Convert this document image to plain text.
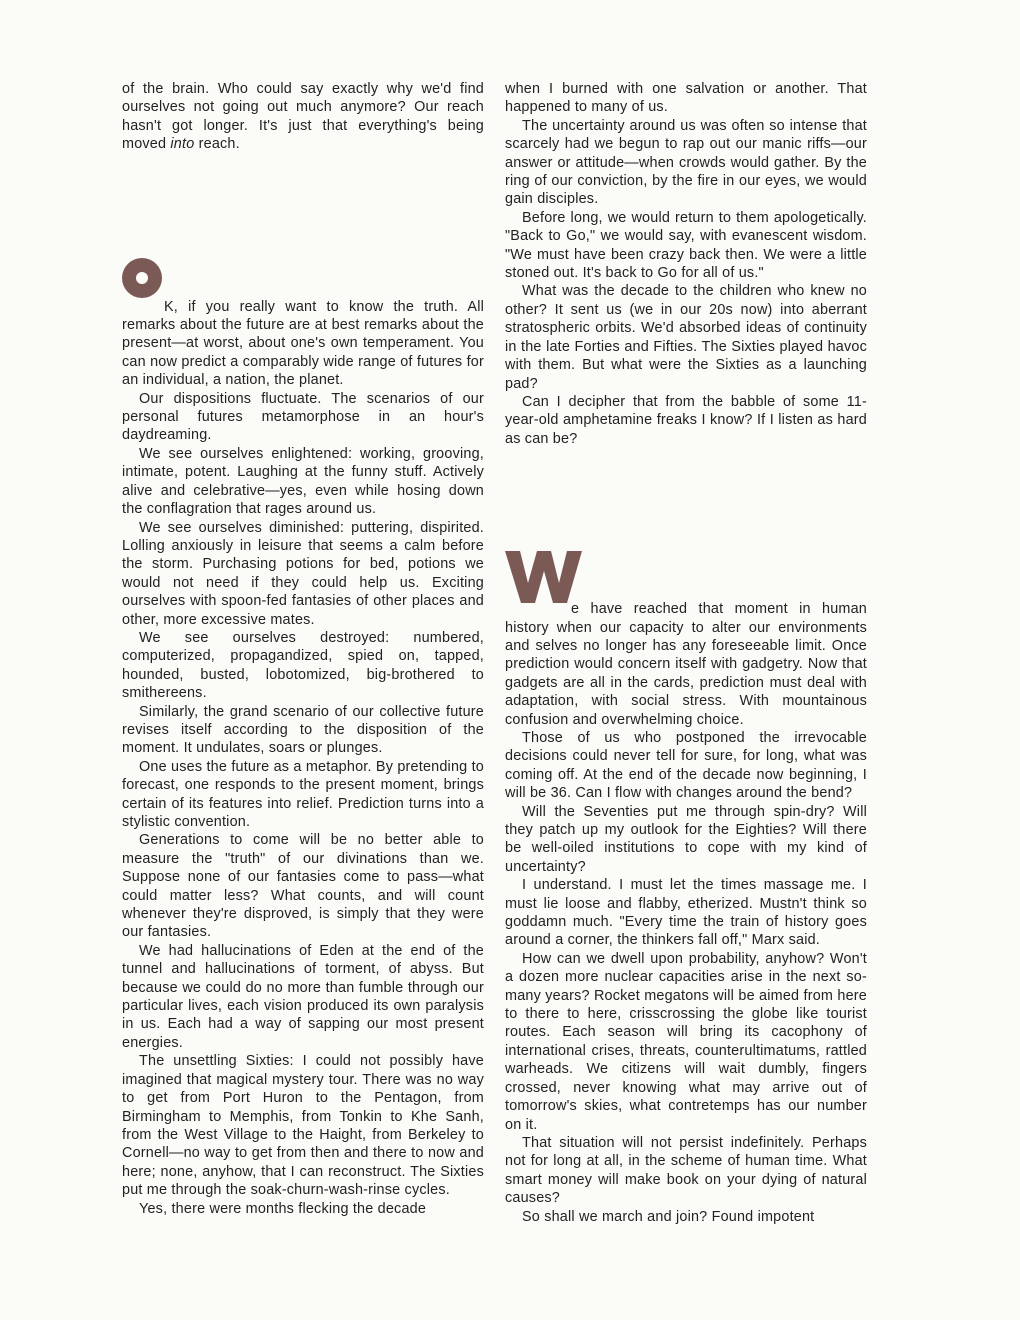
of the brain. Who could say exactly why we'd find ourselves not going out much anymore? Our reach hasn't got longer. It's just that everything's being moved into reach.

K, if you really want to know the truth. All remarks about the future are at best remarks about the present—at worst, about one's own temperament. You can now predict a comparably wide range of futures for an individual, a nation, the planet.

Our dispositions fluctuate. The scenarios of our personal futures metamorphose in an hour's daydreaming.

We see ourselves enlightened: working, grooving, intimate, potent. Laughing at the funny stuff. Actively alive and celebrative—yes, even while hosing down the conflagration that rages around us.

We see ourselves diminished: puttering, dispirited. Lolling anxiously in leisure that seems a calm before the storm. Purchasing potions for bed, potions we would not need if they could help us. Exciting ourselves with spoon-fed fantasies of other places and other, more excessive mates.

We see ourselves destroyed: numbered, computerized, propagandized, spied on, tapped, hounded, busted, lobotomized, big-brothered to smithereens.

Similarly, the grand scenario of our collective future revises itself according to the disposition of the moment. It undulates, soars or plunges.

One uses the future as a metaphor. By pretending to forecast, one responds to the present moment, brings certain of its features into relief. Prediction turns into a stylistic convention.

Generations to come will be no better able to measure the "truth" of our divinations than we. Suppose none of our fantasies come to pass—what could matter less? What counts, and will count whenever they're disproved, is simply that they were our fantasies.

We had hallucinations of Eden at the end of the tunnel and hallucinations of torment, of abyss. But because we could do no more than fumble through our particular lives, each vision produced its own paralysis in us. Each had a way of sapping our most present energies.

The unsettling Sixties: I could not possibly have imagined that magical mystery tour. There was no way to get from Port Huron to the Pentagon, from Birmingham to Memphis, from Tonkin to Khe Sanh, from the West Village to the Haight, from Berkeley to Cornell—no way to get from then and there to now and here; none, anyhow, that I can reconstruct. The Sixties put me through the soak-churn-wash-rinse cycles.

Yes, there were months flecking the decade

when I burned with one salvation or another. That happened to many of us.

The uncertainty around us was often so intense that scarcely had we begun to rap out our manic riffs—our answer or attitude—when crowds would gather. By the ring of our conviction, by the fire in our eyes, we would gain disciples.

Before long, we would return to them apologetically. "Back to Go," we would say, with evanescent wisdom. "We must have been crazy back then. We were a little stoned out. It's back to Go for all of us."

What was the decade to the children who knew no other? It sent us (we in our 20s now) into aberrant stratospheric orbits. We'd absorbed ideas of continuity in the late Forties and Fifties. The Sixties played havoc with them. But what were the Sixties as a launching pad?

Can I decipher that from the babble of some 11-year-old amphetamine freaks I know? If I listen as hard as can be?

e have reached that moment in human history when our capacity to alter our environments and selves no longer has any foreseeable limit. Once prediction would concern itself with gadgetry. Now that gadgets are all in the cards, prediction must deal with adaptation, with social stress. With mountainous confusion and overwhelming choice.

Those of us who postponed the irrevocable decisions could never tell for sure, for long, what was coming off. At the end of the decade now beginning, I will be 36. Can I flow with changes around the bend?

Will the Seventies put me through spin-dry? Will they patch up my outlook for the Eighties? Will there be well-oiled institutions to cope with my kind of uncertainty?

I understand. I must let the times massage me. I must lie loose and flabby, etherized. Mustn't think so goddamn much. "Every time the train of history goes around a corner, the thinkers fall off," Marx said.

How can we dwell upon probability, anyhow? Won't a dozen more nuclear capacities arise in the next so-many years? Rocket megatons will be aimed from here to there to here, crisscrossing the globe like tourist routes. Each season will bring its cacophony of international crises, threats, counterultimatums, rattled warheads. We citizens will wait dumbly, fingers crossed, never knowing what may arrive out of tomorrow's skies, what contretemps has our number on it.

That situation will not persist indefinitely. Perhaps not for long at all, in the scheme of human time. What smart money will make book on your dying of natural causes?

So shall we march and join? Found impotent
